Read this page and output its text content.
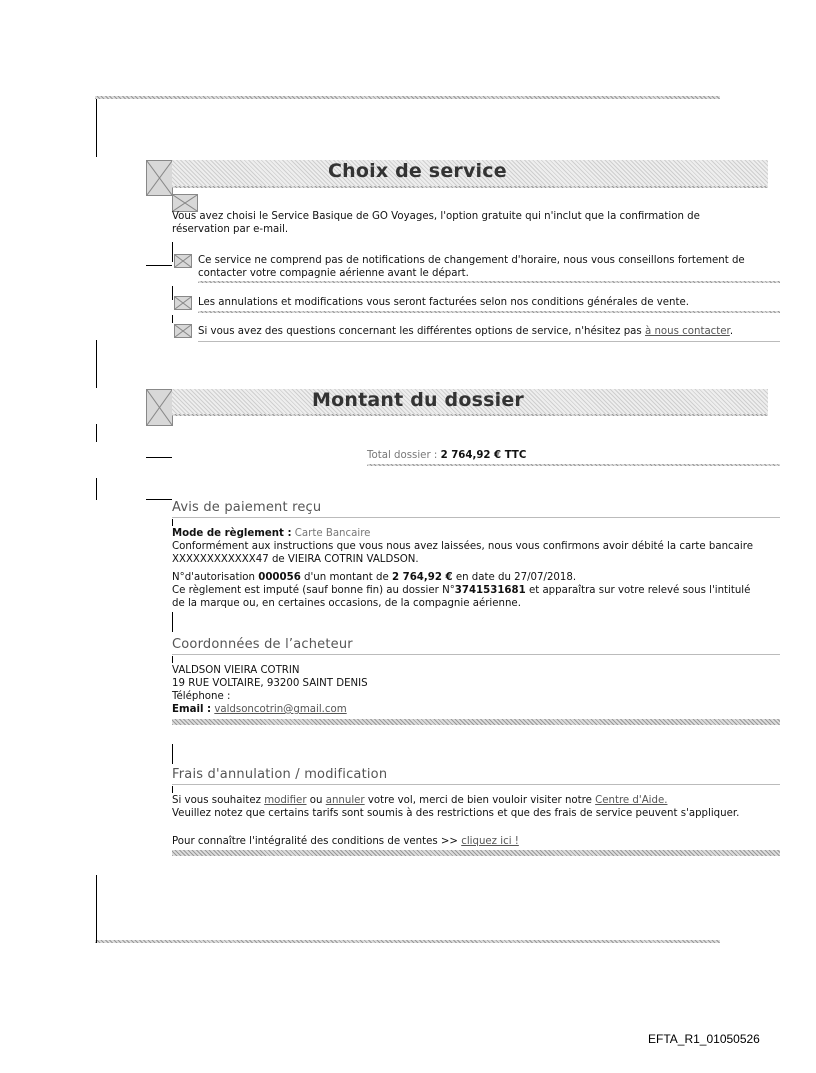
Choix de service
Vous avez choisi le Service Basique de GO Voyages, l'option gratuite qui n'inclut que la confirmation de réservation par e-mail.
Ce service ne comprend pas de notifications de changement d'horaire, nous vous conseillons fortement de contacter votre compagnie aérienne avant le départ.
Les annulations et modifications vous seront facturées selon nos conditions générales de vente.
Si vous avez des questions concernant les différentes options de service, n'hésitez pas à nous contacter.
Montant du dossier
Total dossier : 2 764,92 € TTC
Avis de paiement reçu
Mode de règlement : Carte Bancaire
Conformément aux instructions que vous nous avez laissées, nous vous confirmons avoir débité la carte bancaire XXXXXXXXXXXX47 de VIEIRA COTRIN VALDSON.
N°d'autorisation 000056 d'un montant de 2 764,92 € en date du 27/07/2018.
Ce règlement est imputé (sauf bonne fin) au dossier N°3741531681 et apparaîtra sur votre relevé sous l'intitulé de la marque ou, en certaines occasions, de la compagnie aérienne.
Coordonnées de l’acheteur
VALDSON VIEIRA COTRIN
19 RUE VOLTAIRE, 93200 SAINT DENIS
Téléphone :
Email : valdsoncotrin@gmail.com
Frais d'annulation / modification
Si vous souhaitez modifier ou annuler votre vol, merci de bien vouloir visiter notre Centre d'Aide.
Veuillez notez que certains tarifs sont soumis à des restrictions et que des frais de service peuvent s'appliquer.
Pour connaître l'intégralité des conditions de ventes >> cliquez ici !
EFTA_R1_01050526
